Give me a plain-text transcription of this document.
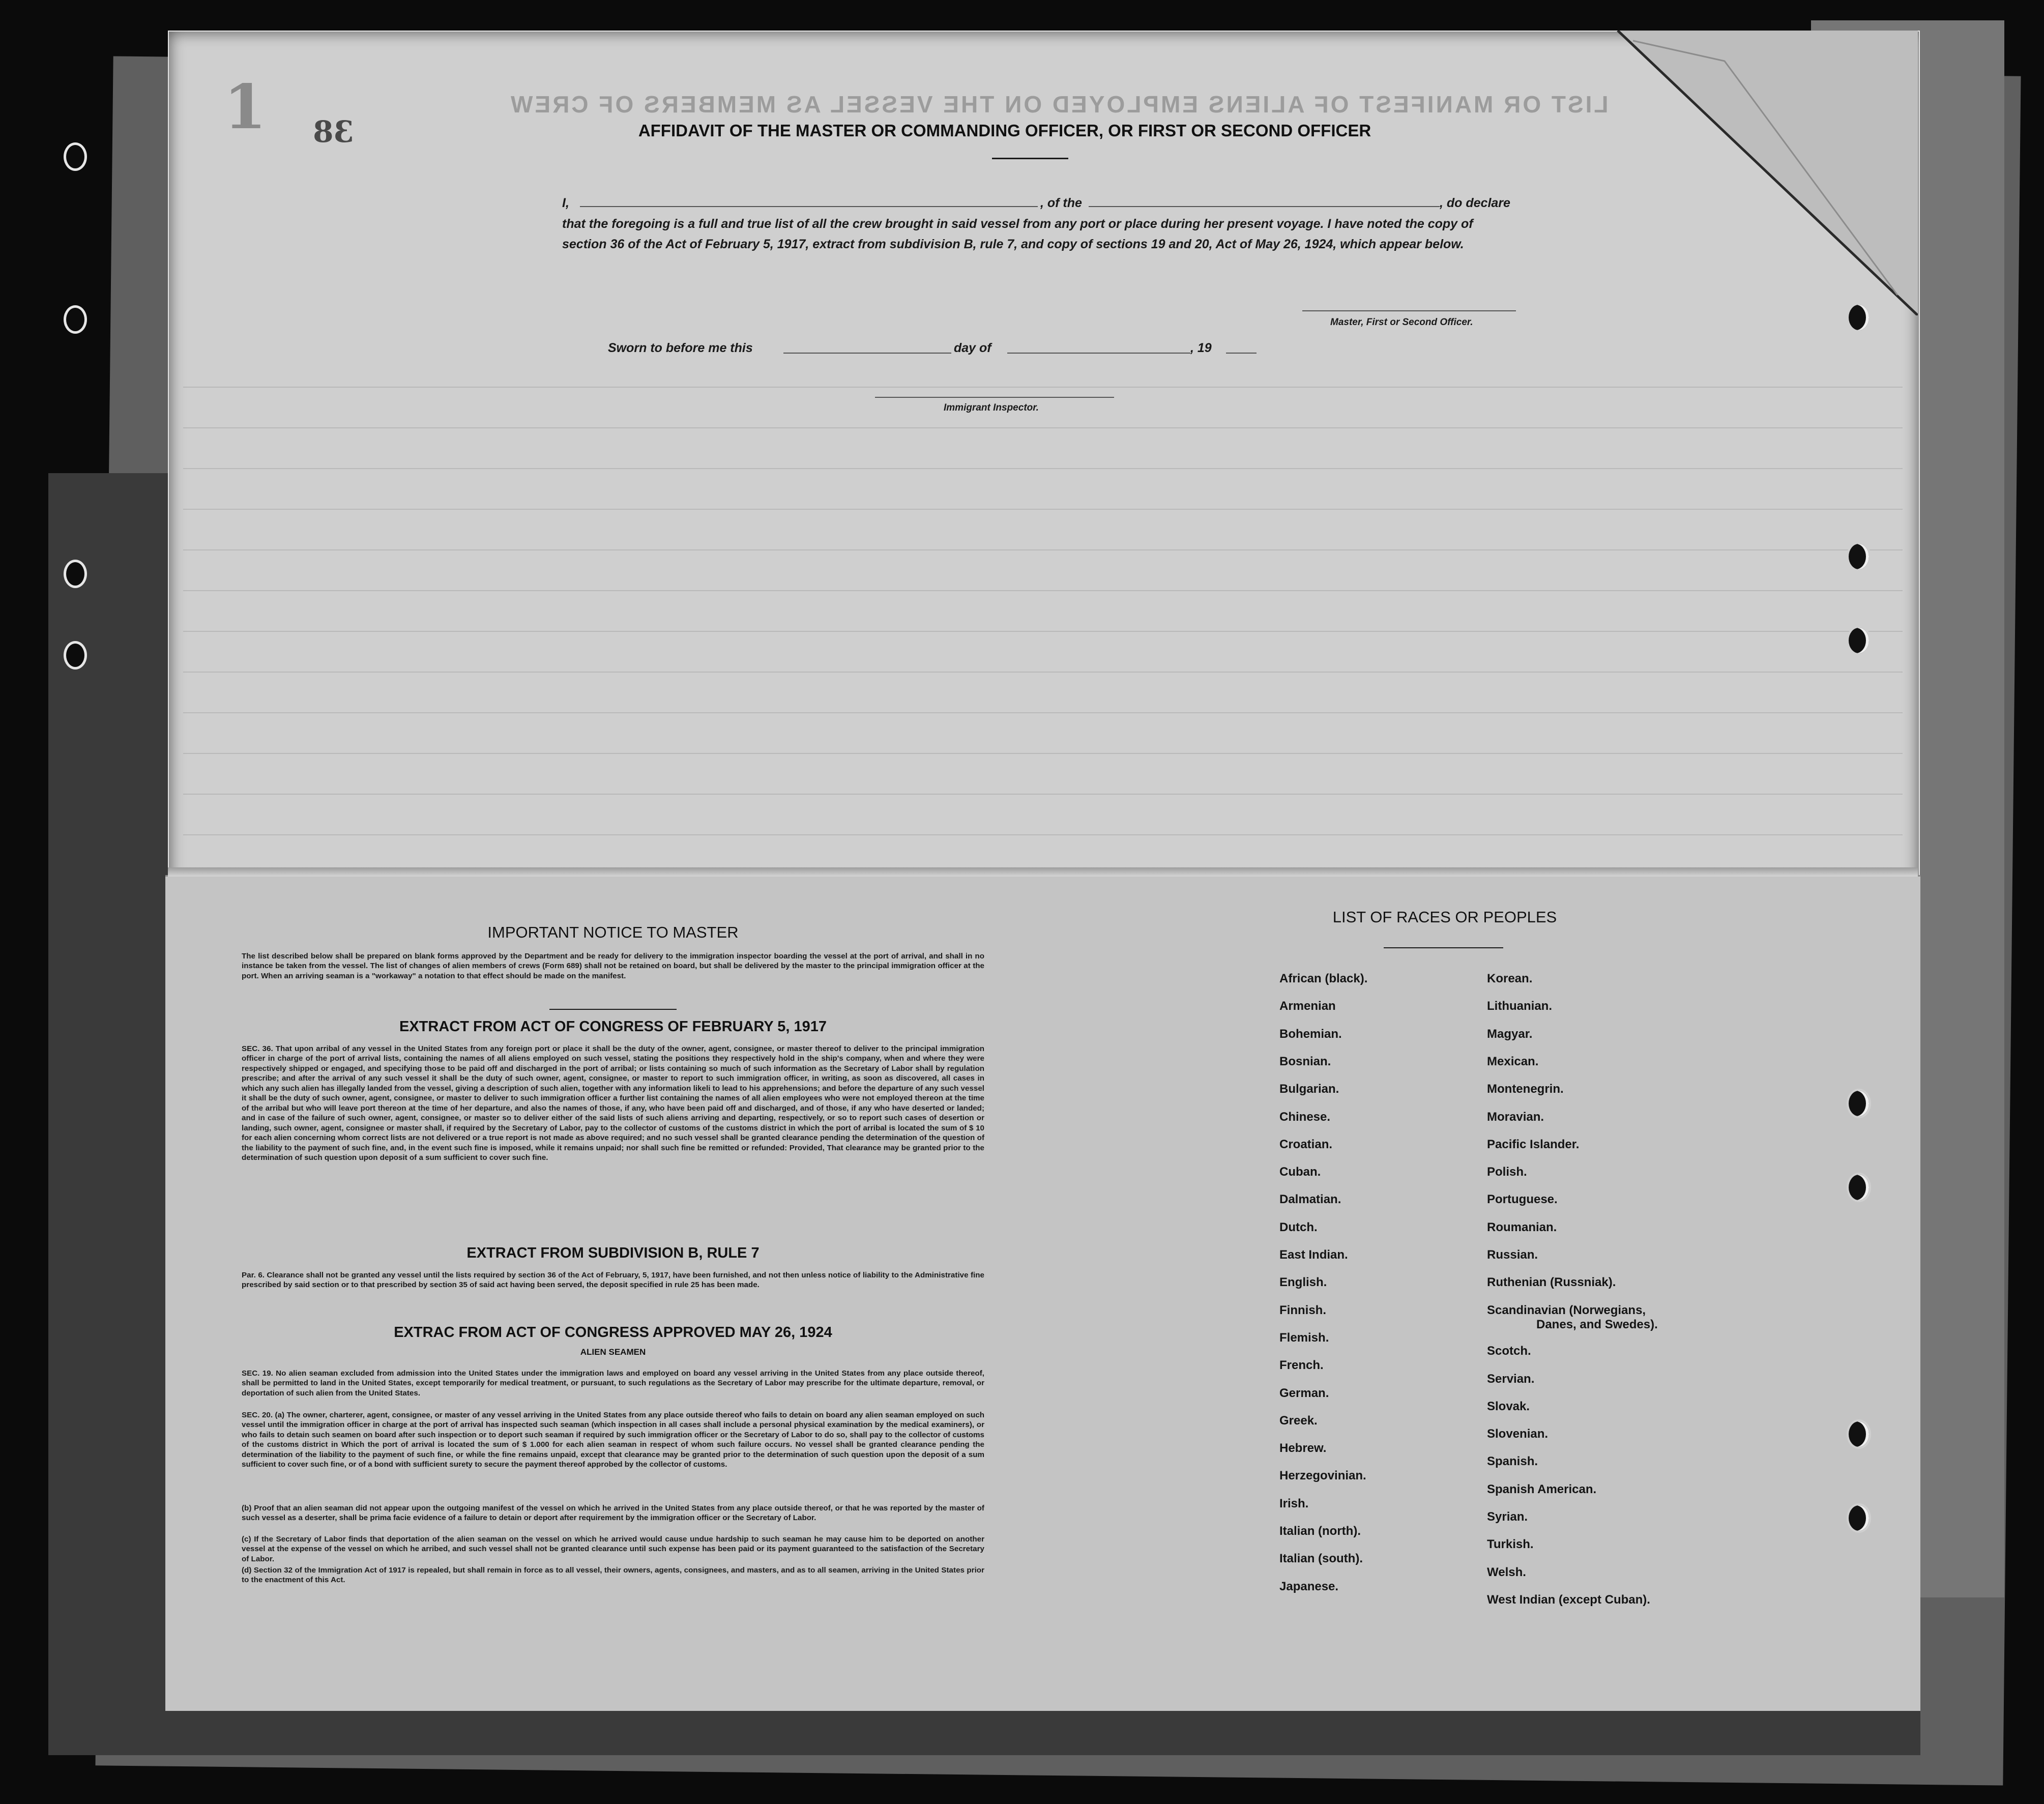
LIST OR MANIFEST OF ALIENS EMPLOYED ON THE VESSEL AS MEMBERS OF CREW
1 38	AFFIDAVIT OF THE MASTER OR COMMANDING OFFICER, OR FIRST OR SECOND OFFICER
I,	, of the	, do declare
that the foregoing is a full and true list of all the crew brought in said vessel from any port or place during her present voyage. I have noted the copy of section 36 of the Act of February 5, 1917, extract from subdivision B, rule 7, and copy of sections 19 and 20, Act of May 26, 1924, which appear below.
Master, First or Second Officer.
Sworn to before me this	day of	, 19
Immigrant Inspector.
IMPORTANT NOTICE TO MASTER
The list described below shall be prepared on blank forms approved by the Department and be ready for delivery to the immigration inspector boarding the vessel at the port of arrival, and shall in no instance be taken from the vessel. The list of changes of alien members of crews (Form 689) shall not be retained on board, but shall be delivered by the master to the principal immigration officer at the port. When an arriving seaman is a "workaway" a notation to that effect should be made on the manifest.
EXTRACT FROM ACT OF CONGRESS OF FEBRUARY 5, 1917
SEC. 36. That upon arribal of any vessel in the United States from any foreign port or place it shall be the duty of the owner, agent, consignee, or master thereof to deliver to the principal immigration officer in charge of the port of arrival lists, containing the names of all aliens employed on such vessel, stating the positions they respectively hold in the ship's company, when and where they were respectively shipped or engaged, and specifying those to be paid off and discharged in the port of arribal; or lists containing so much of such information as the Secretary of Labor shall by regulation prescribe; and after the arrival of any such vessel it shall be the duty of such owner, agent, consignee, or master to report to such immigration officer, in writing, as soon as discovered, all cases in which any such alien has illegally landed from the vessel, giving a description of such alien, together with any information likeli to lead to his apprehensions; and before the departure of any such vessel it shall be the duty of such owner, agent, consignee, or master to deliver to such immigration officer a further list containing the names of all alien employees who were not employed thereon at the time of the arribal but who will leave port thereon at the time of her departure, and also the names of those, if any, who have been paid off and discharged, and of those, if any who have deserted or landed; and in case of the failure of such owner, agent, consignee, or master so to deliver either of the said lists of such aliens arriving and departing, respectively, or so to report such cases of desertion or landing, such owner, agent, consignee or master shall, if required by the Secretary of Labor, pay to the collector of customs of the customs district in which the port of arribal is located the sum of $ 10 for each alien concerning whom correct lists are not delivered or a true report is not made as above required; and no such vessel shall be granted clearance pending the determination of the question of the liability to the payment of such fine, and, in the event such fine is imposed, while it remains unpaid; nor shall such fine be remitted or refunded: Provided, That clearance may be granted prior to the determination of such question upon deposit of a sum sufficient to cover such fine.
EXTRACT FROM SUBDIVISION B, RULE 7
Par. 6. Clearance shall not be granted any vessel until the lists required by section 36 of the Act of February, 5, 1917, have been furnished, and not then unless notice of liability to the Administrative fine prescribed by said section or to that prescribed by section 35 of said act having been served, the deposit specified in rule 25 has been made.
EXTRAC FROM ACT OF CONGRESS APPROVED MAY 26, 1924
ALIEN SEAMEN
SEC. 19. No alien seaman excluded from admission into the United States under the immigration laws and employed on board any vessel arriving in the United States from any place outside thereof, shall be permitted to land in the United States, except temporarily for medical treatment, or pursuant, to such regulations as the Secretary of Labor may prescribe for the ultimate departure, removal, or deportation of such alien from the United States.
SEC. 20. (a) The owner, charterer, agent, consignee, or master of any vessel arriving in the United States from any place outside thereof who fails to detain on board any alien seaman employed on such vessel until the immigration officer in charge at the port of arrival has inspected such seaman (which inspection in all cases shall include a personal physical examination by the medical examiners), or who fails to detain such seamen on board after such inspection or to deport such seaman if required by such immigration officer or the Secretary of Labor to do so, shall pay to the collector of customs of the customs district in Which the port of arrival is located the sum of $ 1.000 for each alien seaman in respect of whom such failure occurs. No vessel shall be granted clearance pending the determination of the liability to the payment of such fine, or while the fine remains unpaid, except that clearance may be granted prior to the determination of such question upon the deposit of a sum sufficient to cover such fine, or of a bond with sufficient surety to secure the payment thereof approbed by the collector of customs.
(b) Proof that an alien seaman did not appear upon the outgoing manifest of the vessel on which he arrived in the United States from any place outside thereof, or that he was reported by the master of such vessel as a deserter, shall be prima facie evidence of a failure to detain or deport after requirement by the immigration officer or the Secretary of Labor.
(c) If the Secretary of Labor finds that deportation of the alien seaman on the vessel on which he arrived would cause undue hardship to such seaman he may cause him to be deported on another vessel at the expense of the vessel on which he arribed, and such vessel shall not be granted clearance until such expense has been paid or its payment guaranteed to the satisfaction of the Secretary of Labor.
(d) Section 32 of the Immigration Act of 1917 is repealed, but shall remain in force as to all vessel, their owners, agents, consignees, and masters, and as to all seamen, arriving in the United States prior to the enactment of this Act.
LIST OF RACES OR PEOPLES
African (black).
Armenian
Bohemian.
Bosnian.
Bulgarian.
Chinese.
Croatian.
Cuban.
Dalmatian.
Dutch.
East Indian.
English.
Finnish.
Flemish.
French.
German.
Greek.
Hebrew.
Herzegovinian.
Irish.
Italian (north).
Italian (south).
Japanese.
Korean.
Lithuanian.
Magyar.
Mexican.
Montenegrin.
Moravian.
Pacific Islander.
Polish.
Portuguese.
Roumanian.
Russian.
Ruthenian (Russniak).
Scandinavian (Norwegians,
Danes, and Swedes).
Scotch.
Servian.
Slovak.
Slovenian.
Spanish.
Spanish American.
Syrian.
Turkish.
Welsh.
West Indian (except Cuban).
